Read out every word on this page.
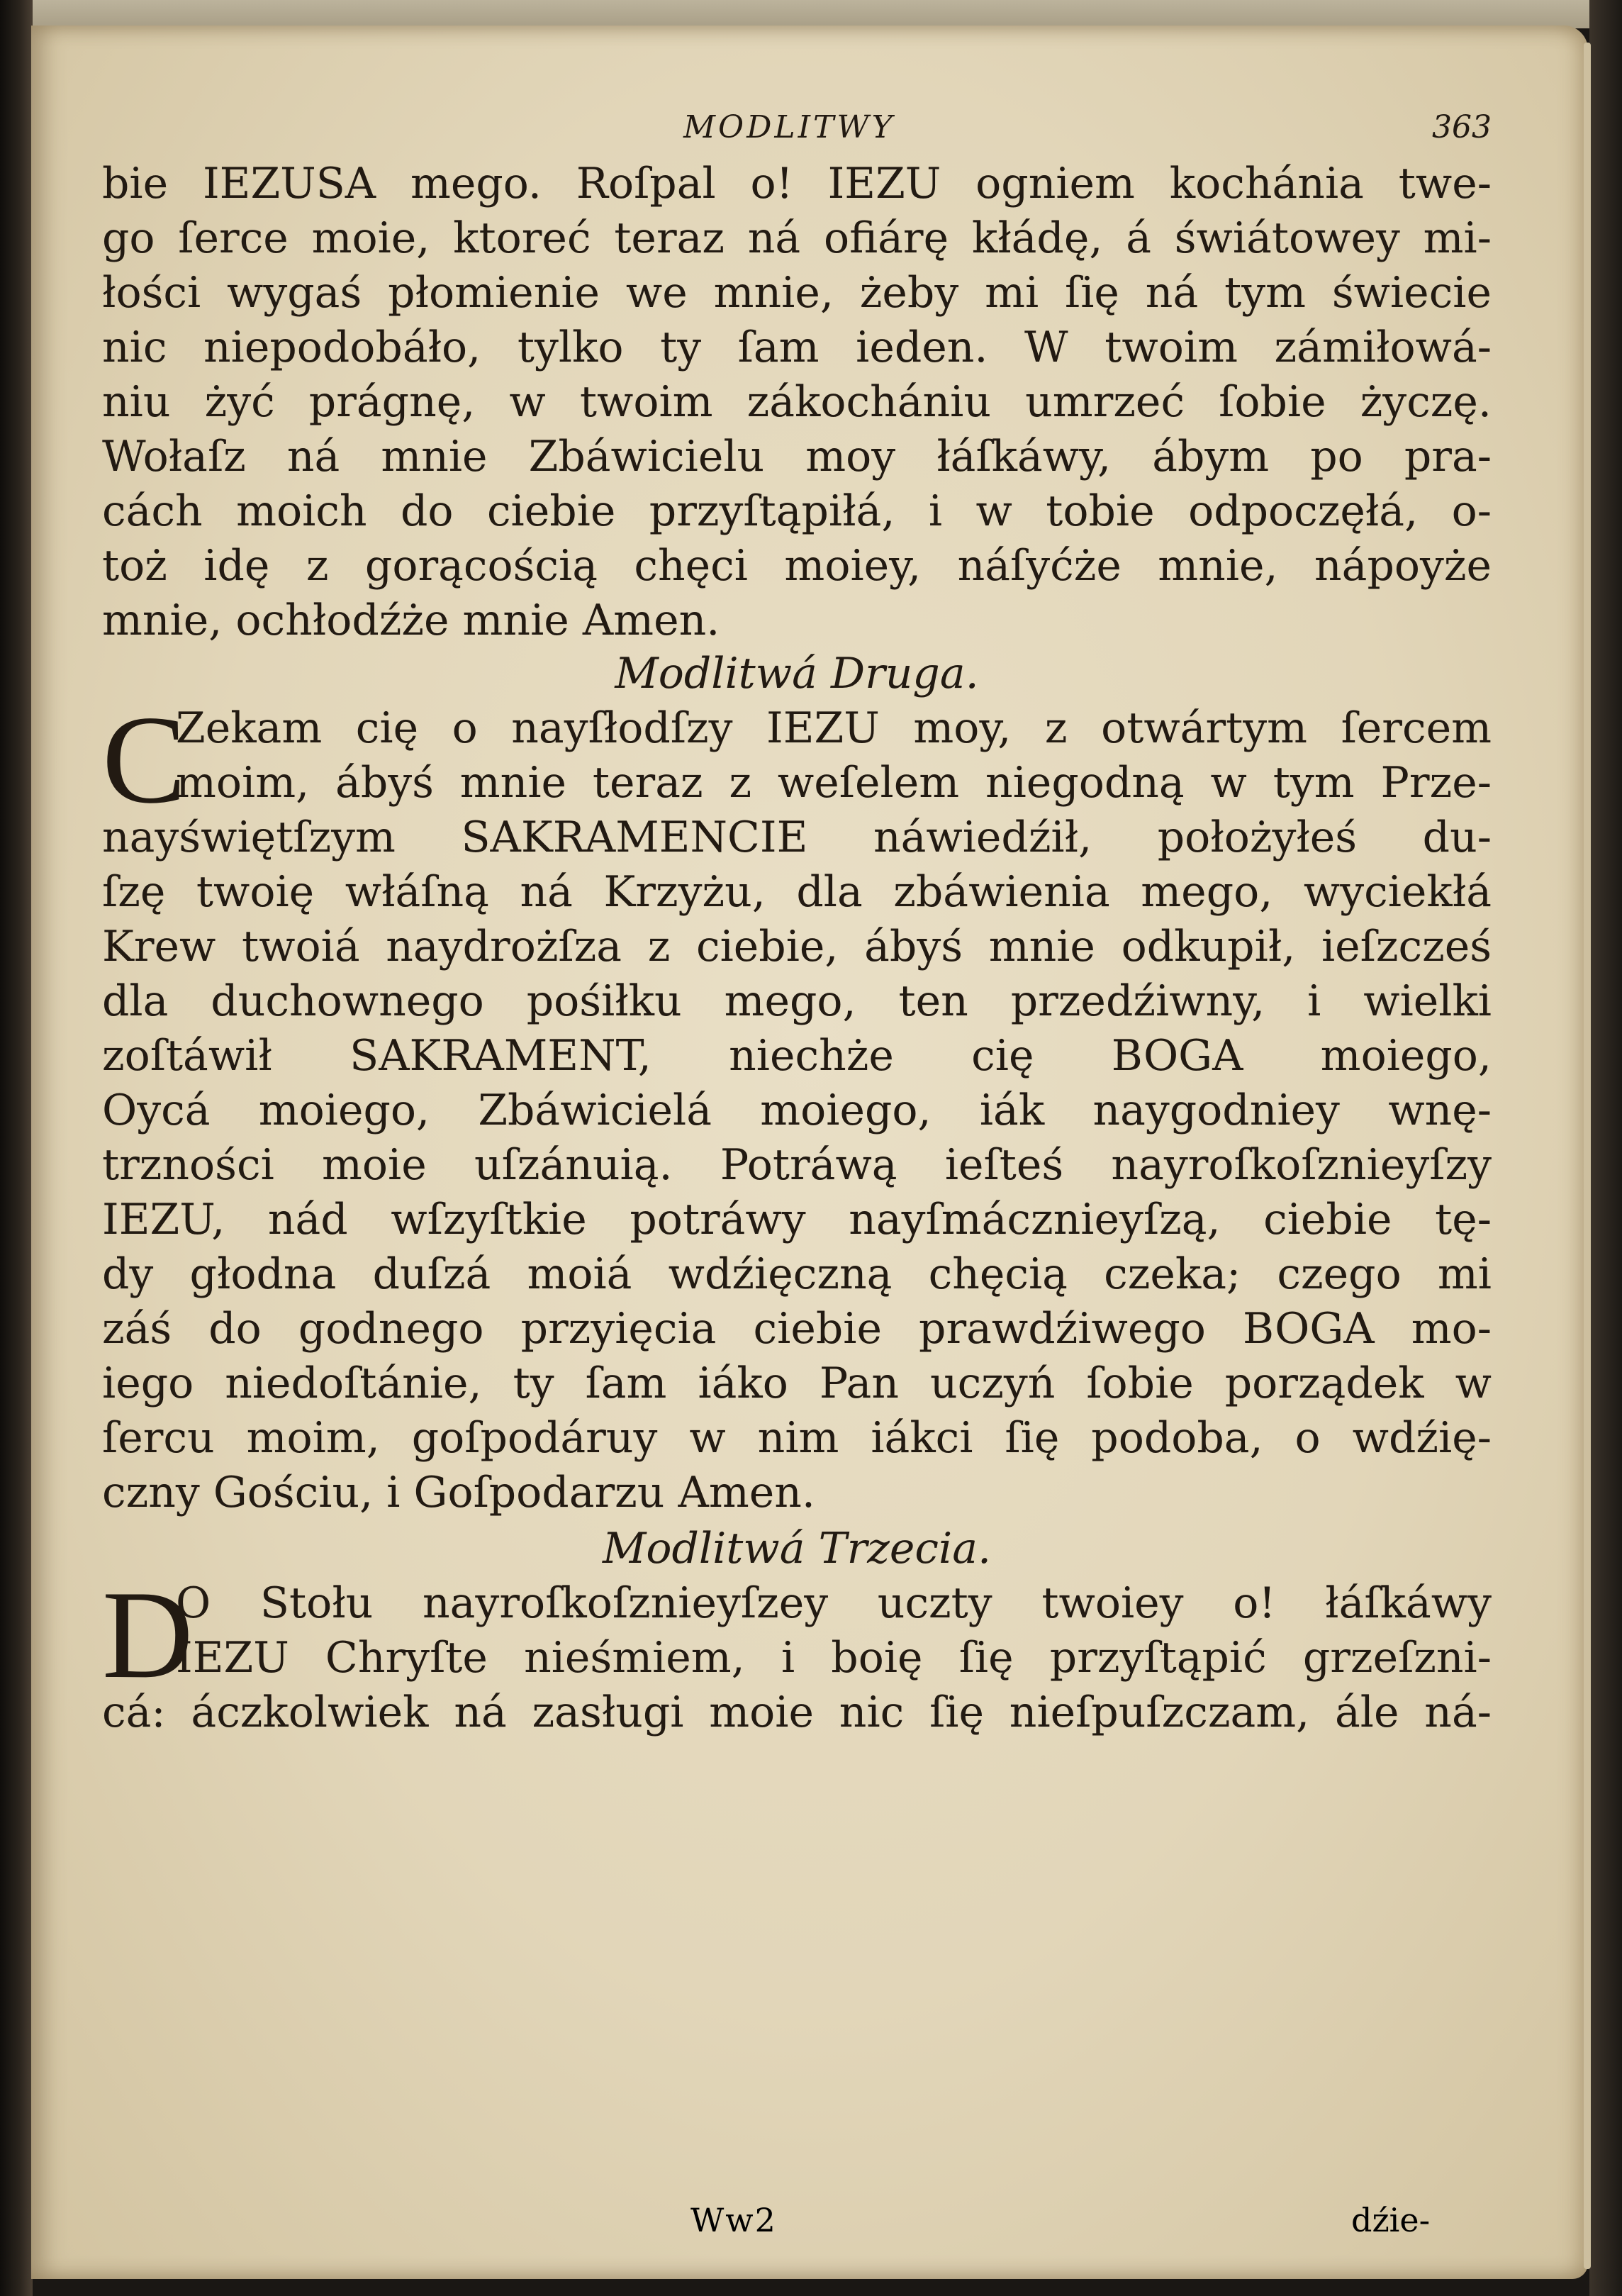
MODLITWY	363
bie IEZUSA mego. Roſpal o! IEZU ogniem kochánia twe-
go ſerce moie, ktoreć teraz ná ofiárę kłádę, á świátowey mi-
łości wygaś płomienie we mnie, żeby mi ſię ná tym świecie
nic niepodobáło, tylko ty ſam ieden. W twoim zámiłowá-
niu żyć prágnę, w twoim zákochániu umrzeć ſobie życzę.
Wołaſz ná mnie Zbáwicielu moy łáſkáwy, ábym po pra-
cách moich do ciebie przyſtąpiłá, i w tobie odpoczęłá, o-
toż idę z gorącością chęci moiey, náſyćże mnie, nápoyże
mnie, ochłodźże mnie Amen.
Modlitwá Druga.
C
Zekam cię o nayſłodſzy IEZU moy, z otwártym ſercem
moim, ábyś mnie teraz z weſelem niegodną w tym Prze-
nayświętſzym SAKRAMENCIE náwiedźił, położyłeś du-
ſzę twoię włáſną ná Krzyżu, dla zbáwienia mego, wyciekłá
Krew twoiá naydrożſza z ciebie, ábyś mnie odkupił, ieſzcześ
dla duchownego pośiłku mego, ten przedźiwny, i wielki
zoſtáwił SAKRAMENT, niechże cię BOGA moiego,
Oycá moiego, Zbáwicielá moiego, iák naygodniey wnę-
trzności moie uſzánuią. Potráwą ieſteś nayroſkoſznieyſzy
IEZU, nád wſzyſtkie potráwy nayſmácznieyſzą, ciebie tę-
dy głodna duſzá moiá wdźięczną chęcią czeka; czego mi
záś do godnego przyięcia ciebie prawdźiwego BOGA mo-
iego niedoſtánie, ty ſam iáko Pan uczyń ſobie porządek w
ſercu moim, goſpodáruy w nim iákci ſię podoba, o wdźię-
czny Gościu, i Goſpodarzu Amen.
Modlitwá Trzecia.
D
O Stołu nayroſkoſznieyſzey uczty twoiey o! łáſkáwy
IEZU Chryſte nieśmiem, i boię ſię przyſtąpić grzeſzni-
cá: áczkolwiek ná zasługi moie nic ſię nieſpuſzczam, ále ná-
Ww2	dźie-
